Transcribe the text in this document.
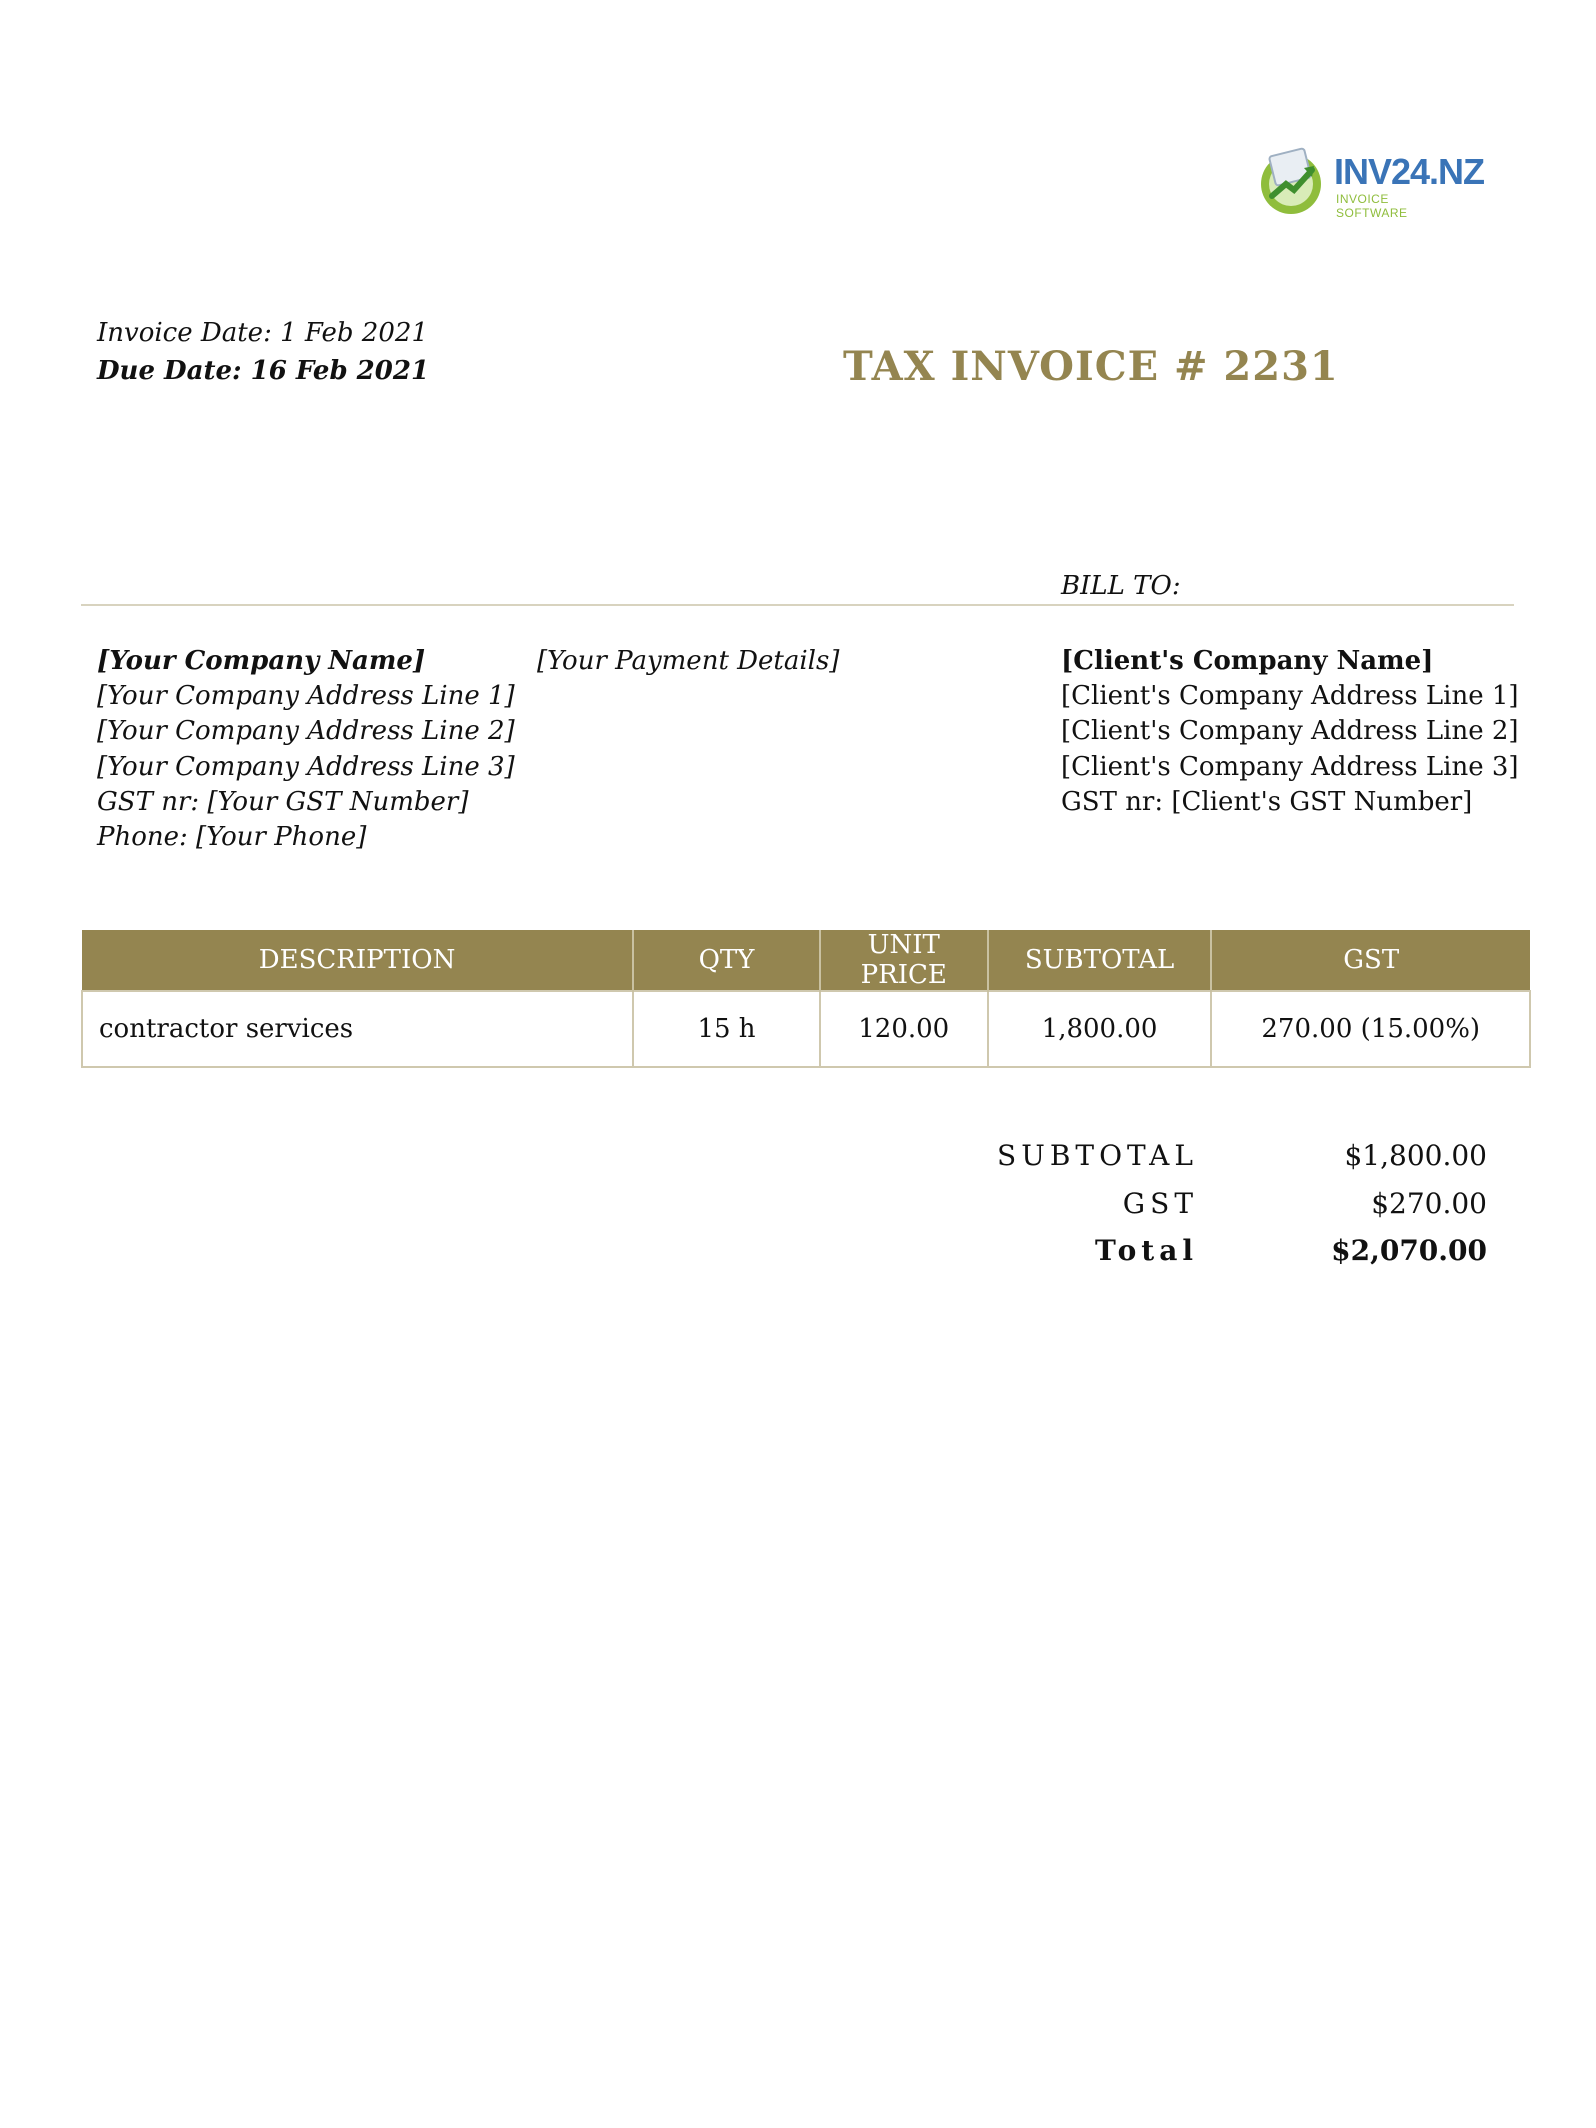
INV24.NZ
INVOICE SOFTWARE
Invoice Date: 1 Feb 2021
Due Date: 16 Feb 2021	TAX INVOICE # 2231
BILL TO:
[Your Company Name]
[Your Company Address Line 1]
[Your Company Address Line 2]
[Your Company Address Line 3]
GST nr: [Your GST Number]
Phone: [Your Phone]
[Your Payment Details]	[Client's Company Name]
[Client's Company Address Line 1]
[Client's Company Address Line 2]
[Client's Company Address Line 3]
GST nr: [Client's GST Number]
DESCRIPTION	QTY	UNIT PRICE	SUBTOTAL	GST
contractor services	15 h	120.00	1,800.00	270.00 (15.00%)
SUBTOTAL	$1,800.00
GST	$270.00
Total	$2,070.00
